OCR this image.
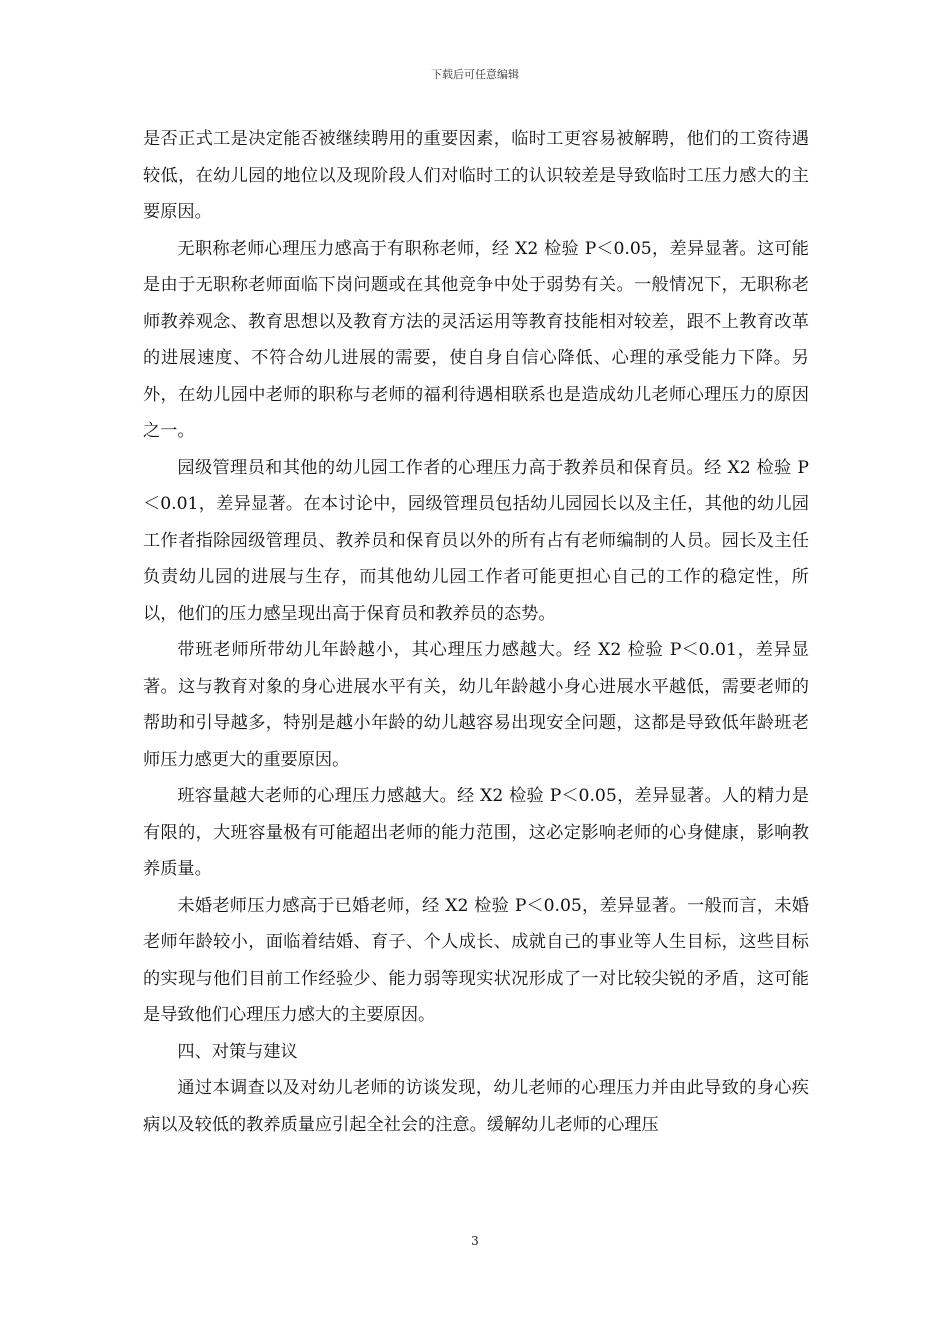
下载后可任意编辑

是否正式工是决定能否被继续聘用的重要因素，临时工更容易被解聘，他们的工资待遇较低，在幼儿园的地位以及现阶段人们对临时工的认识较差是导致临时工压力感大的主要原因。

无职称老师心理压力感高于有职称老师，经 X2 检验 P＜0.05，差异显著。这可能是由于无职称老师面临下岗问题或在其他竞争中处于弱势有关。一般情况下，无职称老师教养观念、教育思想以及教育方法的灵活运用等教育技能相对较差，跟不上教育改革的进展速度、不符合幼儿进展的需要，使自身自信心降低、心理的承受能力下降。另外，在幼儿园中老师的职称与老师的福利待遇相联系也是造成幼儿老师心理压力的原因之一。

园级管理员和其他的幼儿园工作者的心理压力高于教养员和保育员。经 X2 检验 P＜0.01，差异显著。在本讨论中，园级管理员包括幼儿园园长以及主任，其他的幼儿园工作者指除园级管理员、教养员和保育员以外的所有占有老师编制的人员。园长及主任负责幼儿园的进展与生存，而其他幼儿园工作者可能更担心自己的工作的稳定性，所以，他们的压力感呈现出高于保育员和教养员的态势。

带班老师所带幼儿年龄越小，其心理压力感越大。经 X2 检验 P＜0.01，差异显著。这与教育对象的身心进展水平有关，幼儿年龄越小身心进展水平越低，需要老师的帮助和引导越多，特别是越小年龄的幼儿越容易出现安全问题，这都是导致低年龄班老师压力感更大的重要原因。

班容量越大老师的心理压力感越大。经 X2 检验 P＜0.05，差异显著。人的精力是有限的，大班容量极有可能超出老师的能力范围，这必定影响老师的心身健康，影响教养质量。

未婚老师压力感高于已婚老师，经 X2 检验 P＜0.05，差异显著。一般而言，未婚老师年龄较小，面临着结婚、育子、个人成长、成就自己的事业等人生目标，这些目标的实现与他们目前工作经验少、能力弱等现实状况形成了一对比较尖锐的矛盾，这可能是导致他们心理压力感大的主要原因。

四、对策与建议

通过本调查以及对幼儿老师的访谈发现，幼儿老师的心理压力并由此导致的身心疾病以及较低的教养质量应引起全社会的注意。缓解幼儿老师的心理压

3
